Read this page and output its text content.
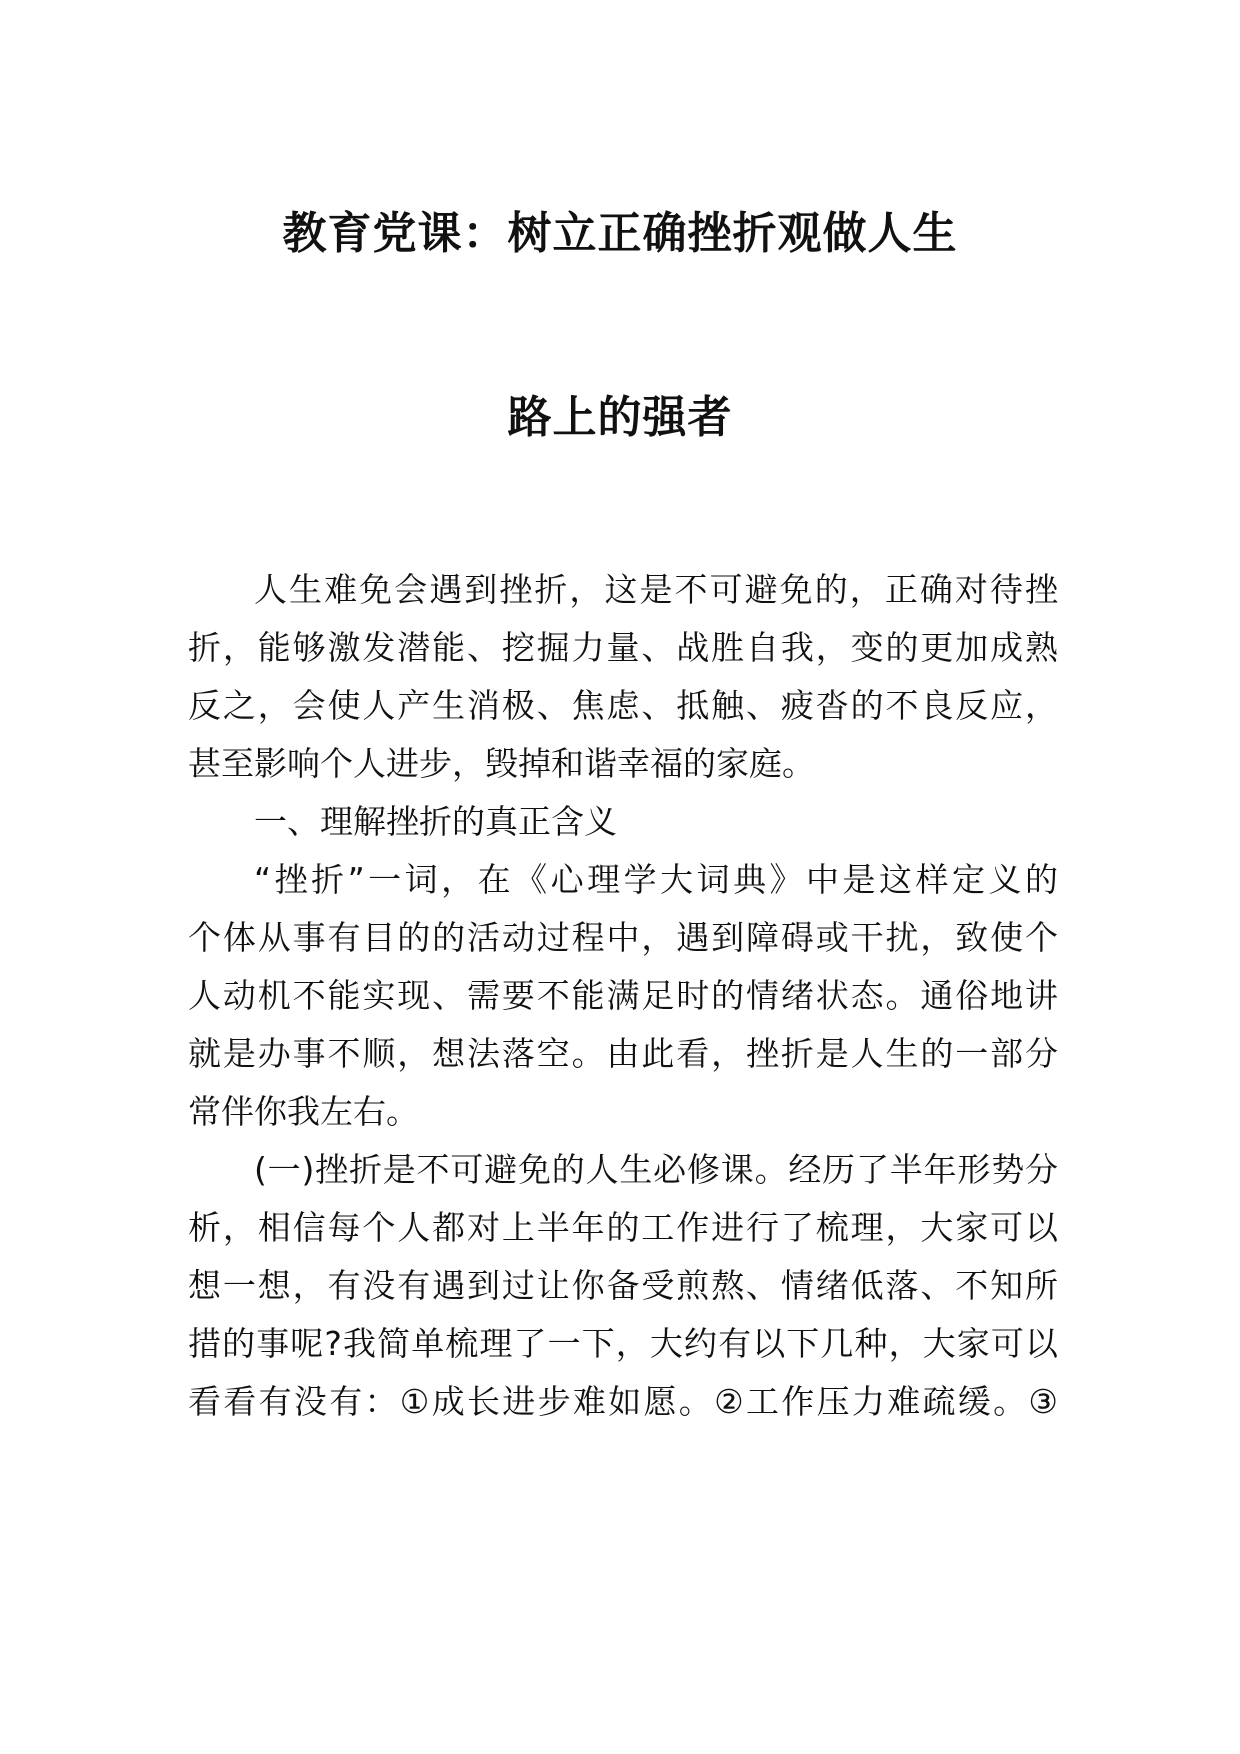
教育党课：树立正确挫折观做人生
路上的强者
人生难免会遇到挫折，这是不可避免的，正确对待挫
折，能够激发潜能、挖掘力量、战胜自我，变的更加成熟
反之，会使人产生消极、焦虑、抵触、疲沓的不良反应，
甚至影响个人进步，毁掉和谐幸福的家庭。
一、理解挫折的真正含义
“挫折”一词，在《心理学大词典》中是这样定义的
个体从事有目的的活动过程中，遇到障碍或干扰，致使个
人动机不能实现、需要不能满足时的情绪状态。通俗地讲
就是办事不顺，想法落空。由此看，挫折是人生的一部分
常伴你我左右。
(一)挫折是不可避免的人生必修课。经历了半年形势分
析，相信每个人都对上半年的工作进行了梳理，大家可以
想一想，有没有遇到过让你备受煎熬、情绪低落、不知所
措的事呢?我简单梳理了一下，大约有以下几种，大家可以
看看有没有：①成长进步难如愿。②工作压力难疏缓。③
